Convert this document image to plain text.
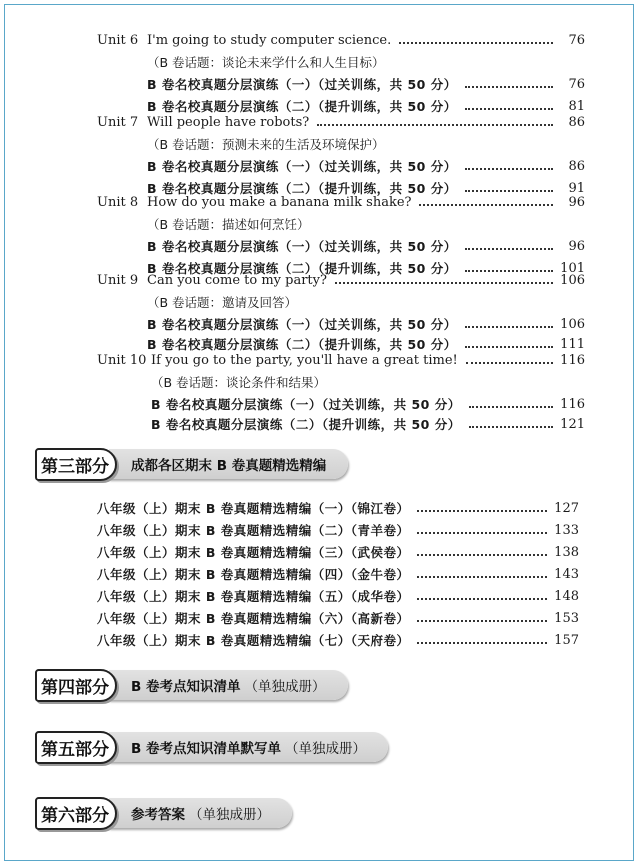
Unit 6 I'm going to study computer science.	76
（B 卷话题：谈论未来学什么和人生目标）
B 卷名校真题分层演练（一）（过关训练，共 50 分）	76
B 卷名校真题分层演练（二）（提升训练，共 50 分）	81
Unit 7 Will people have robots?	86
（B 卷话题：预测未来的生活及环境保护）
B 卷名校真题分层演练（一）（过关训练，共 50 分）	86
B 卷名校真题分层演练（二）（提升训练，共 50 分）	91
Unit 8 How do you make a banana milk shake?	96
（B 卷话题：描述如何烹饪）
B 卷名校真题分层演练（一）（过关训练，共 50 分）	96
B 卷名校真题分层演练（二）（提升训练，共 50 分）	101
Unit 9 Can you come to my party?	106
（B 卷话题：邀请及回答）
B 卷名校真题分层演练（一）（过关训练，共 50 分）	106
B 卷名校真题分层演练（二）（提升训练，共 50 分）	111
Unit 10 If you go to the party, you'll have a great time!	116
（B 卷话题：谈论条件和结果）
B 卷名校真题分层演练（一）（过关训练，共 50 分）	116
B 卷名校真题分层演练（二）（提升训练，共 50 分）	121
第三部分	成都各区期末 B 卷真题精选精编
八年级（上）期末 B 卷真题精选精编（一）（锦江卷）	127
八年级（上）期末 B 卷真题精选精编（二）（青羊卷）	133
八年级（上）期末 B 卷真题精选精编（三）（武侯卷）	138
八年级（上）期末 B 卷真题精选精编（四）（金牛卷）	143
八年级（上）期末 B 卷真题精选精编（五）（成华卷）	148
八年级（上）期末 B 卷真题精选精编（六）（高新卷）	153
八年级（上）期末 B 卷真题精选精编（七）（天府卷）	157
第四部分	B 卷考点知识清单 （单独成册）
第五部分	B 卷考点知识清单默写单 （单独成册）
第六部分	参考答案 （单独成册）
